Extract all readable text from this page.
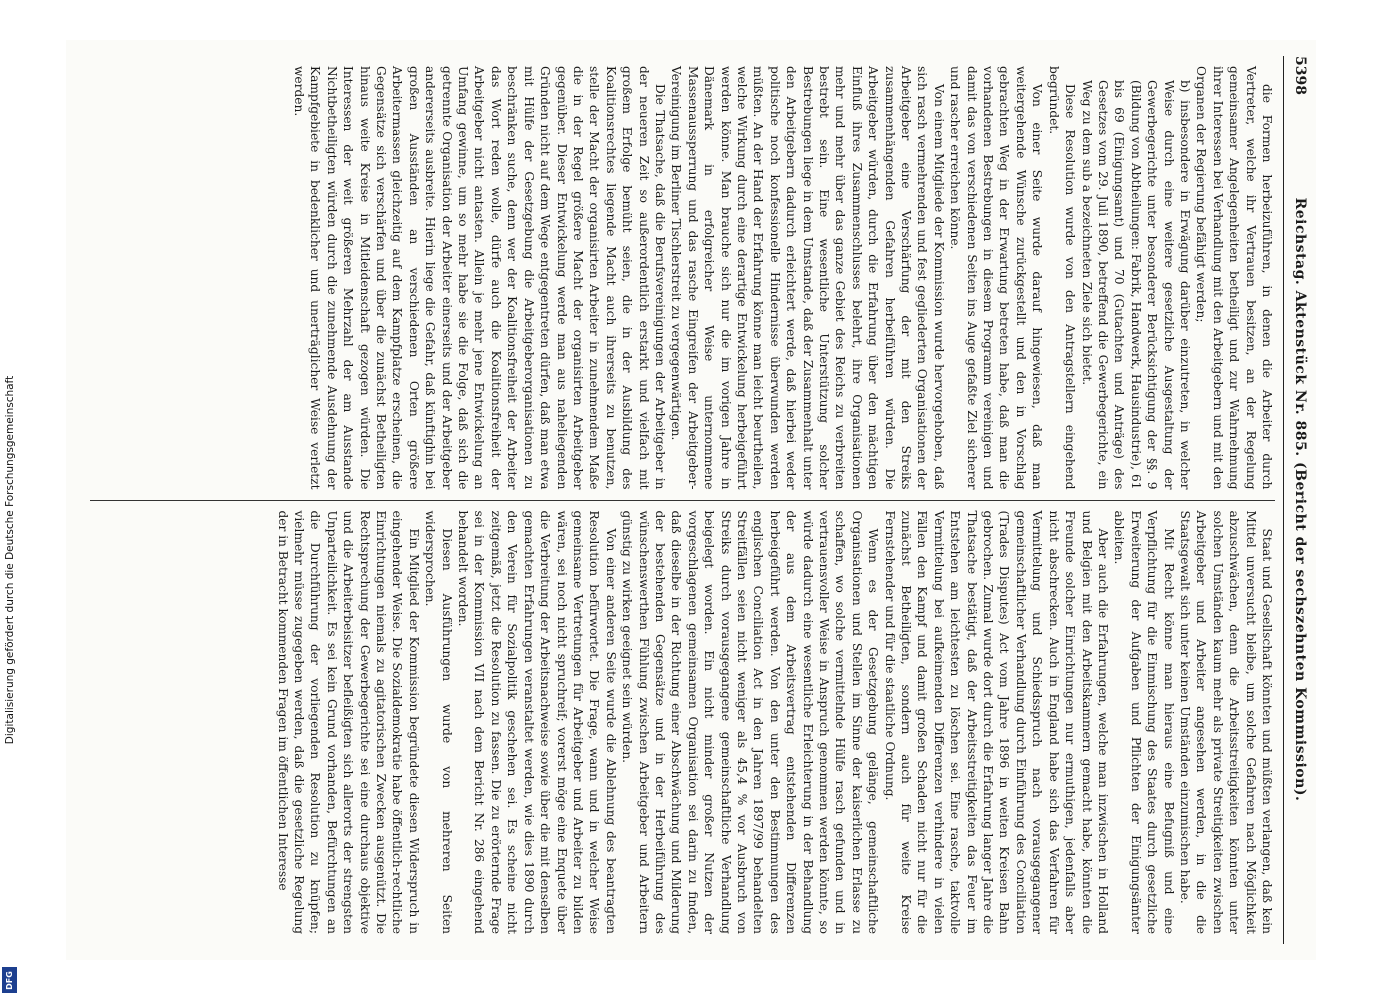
5398
Reichstag. Aktenstück Nr. 885. (Bericht der sechszehnten Kommission).

die Formen herbeizuführen, in denen die Arbeiter durch Vertreter, welche ihr Vertrauen besitzen, an der Regelung gemeinsamer Angelegenheiten betheiligt und zur Wahrnehmung ihrer Interessen bei Verhandlung mit den Arbeitgebern und mit den Organen der Regierung befähigt werden;

b) insbesondere in Erwägung darüber einzutreten, in welcher Weise durch eine weitere gesetzliche Ausgestaltung der Gewerbegerichte unter besonderer Berücksichtigung der §§. 9 (Bildung von Abtheilungen: Fabrik, Handwerk, Hausindustrie), 61 bis 69 (Einigungsamt) und 70 (Gutachten und Anträge) des Gesetzes vom 29. Juli 1890, betreffend die Gewerbegerichte, ein Weg zu dem sub a bezeichneten Ziele sich bietet.

Diese Resolution wurde von den Antragstellern eingehend begründet.

Von einer Seite wurde darauf hingewiesen, daß man weitergehende Wünsche zurückgestellt und den in Vorschlag gebrachten Weg in der Erwartung betreten habe, daß man die vorhandenen Bestrebungen in diesem Programm vereinigen und damit das von verschiedenen Seiten ins Auge gefaßte Ziel sicherer und rascher erreichen könne.

Von einem Mitgliede der Kommission wurde hervorgehoben, daß sich rasch vermehrenden und fest gegliederten Organisationen der Arbeitgeber eine Verschärfung der mit den Streiks zusammenhängenden Gefahren herbeiführen würden. Die Arbeitgeber würden, durch die Erfahrung über den mächtigen Einfluß ihres Zusammenschlusses belehrt, ihre Organisationen mehr und mehr über das ganze Gebiet des Reichs zu verbreiten bestrebt sein. Eine wesentliche Unterstützung solcher Bestrebungen liege in dem Umstande, daß der Zusammenhalt unter den Arbeitgebern dadurch erleichtert werde, daß hierbei weder politische noch konfessionelle Hindernisse überwunden werden müßten. An der Hand der Erfahrung könne man leicht beurtheilen, welche Wirkung durch eine derartige Entwickelung herbeigeführt werden könne. Man brauche sich nur die im vorigen Jahre in Dänemark in erfolgreicher Weise unternommene Massenaussperrung und das rasche Eingreifen der Arbeitgeber-Vereinigung im Berliner Tischlerstreit zu vergegenwärtigen.

Die Thatsache, daß die Berufsvereinigungen der Arbeitgeber in der neueren Zeit so außerordentlich erstarkt und vielfach mit großem Erfolge bemüht seien, die in der Ausbildung des Koalitionsrechtes liegende Macht auch ihrerseits zu benutzen, stelle der Macht der organisirten Arbeiter in zunehmendem Maße die in der Regel größere Macht der organisirten Arbeitgeber gegenüber. Dieser Entwickelung werde man aus naheliegenden Gründen nicht auf dem Wege entgegentreten dürfen, daß man etwa mit Hülfe der Gesetzgebung die Arbeitgeberorganisationen zu beschränken suche, denn wer der Koalitionsfreiheit der Arbeiter das Wort reden wolle, dürfe auch die Koalitionsfreiheit der Arbeitgeber nicht antasten. Allein je mehr jene Entwickelung an Umfang gewinne, um so mehr habe sie die Folge, daß sich die getrennte Organisation der Arbeiter einerseits und der Arbeitgeber andererseits ausbreite. Hierin liege die Gefahr, daß künftighin bei großen Ausständen an verschiedenen Orten größere Arbeitermassen gleichzeitig auf dem Kampfplatze erscheinen, die Gegensätze sich verschärfen und über die zunächst Betheiligten hinaus weite Kreise in Mitleidenschaft gezogen würden. Die Interessen der weit größeren Mehrzahl der am Ausstande Nichtbetheiligten würden durch die zunehmende Ausdehnung der Kampfgebiete in bedenklicher und unerträglicher Weise verletzt werden.

Staat und Gesellschaft könnten und müßten verlangen, daß kein Mittel unversucht bleibe, um solche Gefahren nach Möglichkeit abzuschwächen, denn die Arbeitsstreitigkeiten könnten unter solchen Umständen kaum mehr als private Streitigkeiten zwischen Arbeitgeber und Arbeiter angesehen werden, in die die Staatsgewalt sich unter keinen Umständen einzumischen habe.

Mit Recht könne man hieraus eine Befugniß und eine Verpflichtung für die Einmischung des Staates durch gesetzliche Erweiterung der Aufgaben und Pflichten der Einigungsämter ableiten.

Aber auch die Erfahrungen, welche man inzwischen in Holland und Belgien mit den Arbeitskammern gemacht habe, könnten die Freunde solcher Einrichtungen nur ermuthigen, jedenfalls aber nicht abschrecken. Auch in England habe sich das Verfahren für Vermittelung und Schiedsspruch nach vorausgegangener gemeinschaftlicher Verhandlung durch Einführung des Conciliation (Trades Disputes) Act vom Jahre 1896 in weiten Kreisen Bahn gebrochen. Zumal wurde dort durch die Erfahrung langer Jahre die Thatsache bestätigt, daß der Arbeitsstreitigkeiten das Feuer im Entstehen am leichtesten zu löschen sei. Eine rasche, taktvolle Vermittelung bei aufkeimenden Differenzen verhindere in vielen Fällen den Kampf und damit großen Schaden nicht nur für die zunächst Betheiligten, sondern auch für weite Kreise Fernstehender und für die staatliche Ordnung.

Wenn es der Gesetzgebung gelänge, gemeinschaftliche Organisationen und Stellen im Sinne der kaiserlichen Erlasse zu schaffen, wo solche vermittelnde Hülfe rasch gefunden und in vertrauensvoller Weise in Anspruch genommen werden könnte, so würde dadurch eine wesentliche Erleichterung in der Behandlung der aus dem Arbeitsvertrag entstehenden Differenzen herbeigeführt werden. Von den unter den Bestimmungen des englischen Conciliation Act in den Jahren 1897/99 behandelten Streitfällen seien nicht weniger als 45,4 % vor Ausbruch von Streiks durch vorausgegangene gemeinschaftliche Verhandlung beigelegt worden. Ein nicht minder großer Nutzen der vorgeschlagenen gemeinsamen Organisation sei darin zu finden, daß dieselbe in der Richtung einer Abschwächung und Milderung der bestehenden Gegensätze und in der Herbeiführung des wünschenswerthen Fühlung zwischen Arbeitgeber und Arbeitern günstig zu wirken geeignet sein würden.

Von einer anderen Seite wurde die Ablehnung des beantragten Resolution befürwortet. Die Frage, wann und in welcher Weise gemeinsame Vertretungen für Arbeitgeber und Arbeiter zu bilden wären, sei noch nicht spruchreif; vorerst möge eine Enquete über die Verbreitung der Arbeitsnachweise sowie über die mit denselben gemachten Erfahrungen veranstaltet werden, wie dies 1890 durch den Verein für Sozialpolitik geschehen sei. Es scheine nicht zeitgemäß, jetzt die Resolution zu fassen. Die zu erörternde Frage sei in der Kommission VII nach dem Bericht Nr. 286 eingehend behandelt worden.

Diesen Ausführungen wurde von mehreren Seiten widersprochen.

Ein Mitglied der Kommission begründete diesen Widerspruch in eingehender Weise. Die Sozialdemokratie habe öffentlich-rechtliche Einrichtungen niemals zu agitatorischen Zwecken ausgenützt. Die Rechtsprechung der Gewerbegerichte sei eine durchaus objektive und die Arbeiterbeisitzer befleißigten sich allerorts der strengsten Unparteilichkeit. Es sei kein Grund vorhanden, Befürchtungen an die Durchführung der vorliegenden Resolution zu knüpfen; vielmehr müsse zugegeben werden, daß die gesetzliche Regelung der in Betracht kommenden Fragen im öffentlichen Interesse

Digitalisierung gefördert durch die Deutsche Forschungsgemeinschaft
DFG
